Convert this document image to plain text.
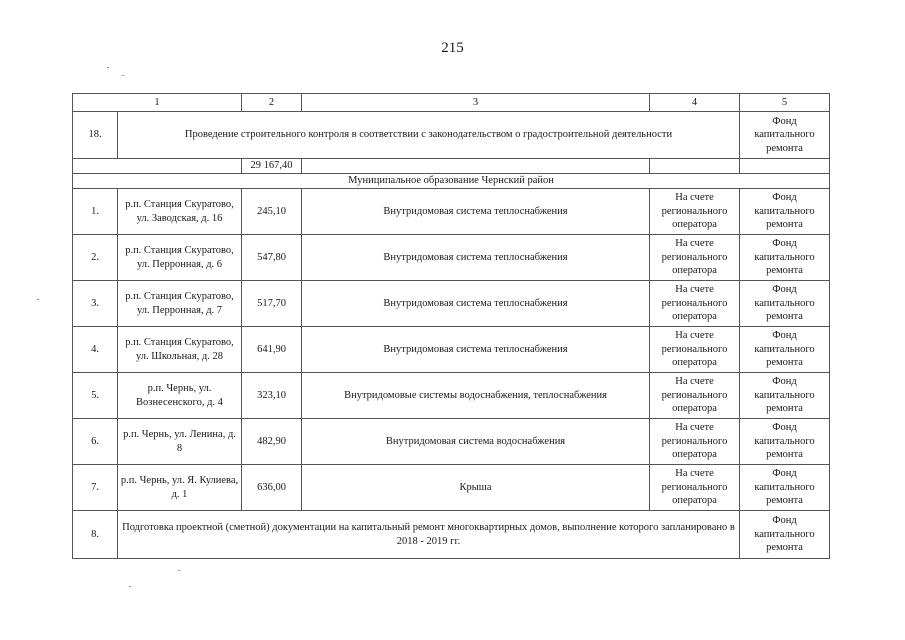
215
1		2	3	4	5
18.	Проведение строительного контроля в соответствии с законодательством о градостроительной деятельности				Фонд капитального ремонта
		29 167,40			
Муниципальное образование Чернский район					
1.	р.п. Станция Скуратово, ул. Заводская, д. 16	245,10	Внутридомовая система теплоснабжения	На счете регионального оператора	Фонд капитального ремонта
2.	р.п. Станция Скуратово, ул. Перронная, д. 6	547,80	Внутридомовая система теплоснабжения	На счете регионального оператора	Фонд капитального ремонта
3.	р.п. Станция Скуратово, ул. Перронная, д. 7	517,70	Внутридомовая система теплоснабжения	На счете регионального оператора	Фонд капитального ремонта
4.	р.п. Станция Скуратово, ул. Школьная, д. 28	641,90	Внутридомовая система теплоснабжения	На счете регионального оператора	Фонд капитального ремонта
5.	р.п. Чернь, ул. Вознесенского, д. 4	323,10	Внутридомовые системы водоснабжения, теплоснабжения	На счете регионального оператора	Фонд капитального ремонта
6.	р.п. Чернь, ул. Ленина, д. 8	482,90	Внутридомовая система водоснабжения	На счете регионального оператора	Фонд капитального ремонта
7.	р.п. Чернь, ул. Я. Кулиева, д. 1	636,00	Крыша	На счете регионального оператора	Фонд капитального ремонта
8.	Подготовка проектной (сметной) документации на капитальный ремонт многоквартирных домов, выполнение которого запланировано в 2018 - 2019 гг.				Фонд капитального ремонта
